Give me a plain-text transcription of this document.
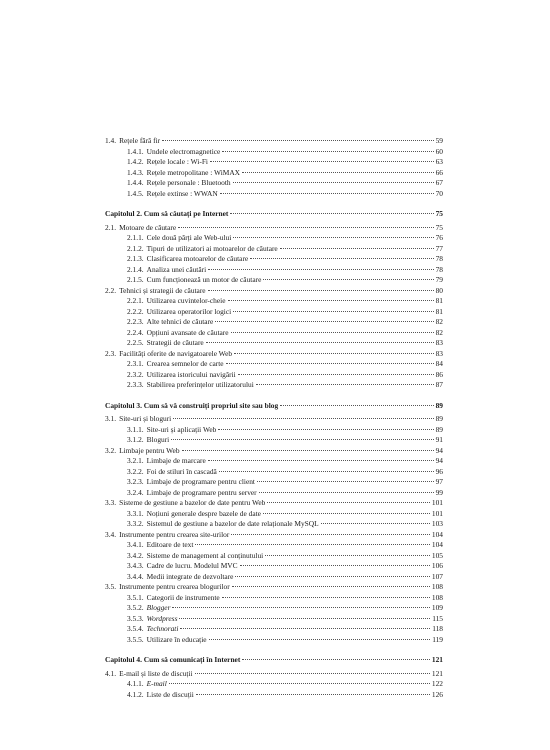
1.4. Rețele fără fir	59
1.4.1. Undele electromagnetice	60
1.4.2. Rețele locale : Wi-Fi	63
1.4.3. Rețele metropolitane : WiMAX	66
1.4.4. Rețele personale : Bluetooth	67
1.4.5. Rețele extinse : WWAN	70
Capitolul 2. Cum să căutați pe Internet	75
2.1. Motoare de căutare	75
2.1.1. Cele două părți ale Web-ului	76
2.1.2. Tipuri de utilizatori ai motoarelor de căutare	77
2.1.3. Clasificarea motoarelor de căutare	78
2.1.4. Analiza unei căutări	78
2.1.5. Cum funcționează un motor de căutare	79
2.2. Tehnici și strategii de căutare	80
2.2.1. Utilizarea cuvintelor-cheie	81
2.2.2. Utilizarea operatorilor logici	81
2.2.3. Alte tehnici de căutare	82
2.2.4. Opțiuni avansate de căutare	82
2.2.5. Strategii de căutare	83
2.3. Facilități oferite de navigatoarele Web	83
2.3.1. Crearea semnelor de carte	84
2.3.2. Utilizarea istoricului navigării	86
2.3.3. Stabilirea preferințelor utilizatorului	87
Capitolul 3. Cum să vă construiți propriul site sau blog	89
3.1. Site-uri și bloguri	89
3.1.1. Site-uri și aplicații Web	89
3.1.2. Bloguri	91
3.2. Limbaje pentru Web	94
3.2.1. Limbaje de marcare	94
3.2.2. Foi de stiluri în cascadă	96
3.2.3. Limbaje de programare pentru client	97
3.2.4. Limbaje de programare pentru server	99
3.3. Sisteme de gestiune a bazelor de date pentru Web	101
3.3.1. Noțiuni generale despre bazele de date	101
3.3.2. Sistemul de gestiune a bazelor de date relaționale MySQL	103
3.4. Instrumente pentru crearea site-urilor	104
3.4.1. Editoare de text	104
3.4.2. Sisteme de management al conținutului	105
3.4.3. Cadre de lucru. Modelul MVC	106
3.4.4. Medii integrate de dezvoltare	107
3.5. Instrumente pentru crearea blogurilor	108
3.5.1. Categorii de instrumente	108
3.5.2. Blogger	109
3.5.3. Wordpress	115
3.5.4. Technorati	118
3.5.5. Utilizare în educație	119
Capitolul 4. Cum să comunicați în Internet	121
4.1. E-mail și liste de discuții	121
4.1.1. E-mail	122
4.1.2. Liste de discuții	126
